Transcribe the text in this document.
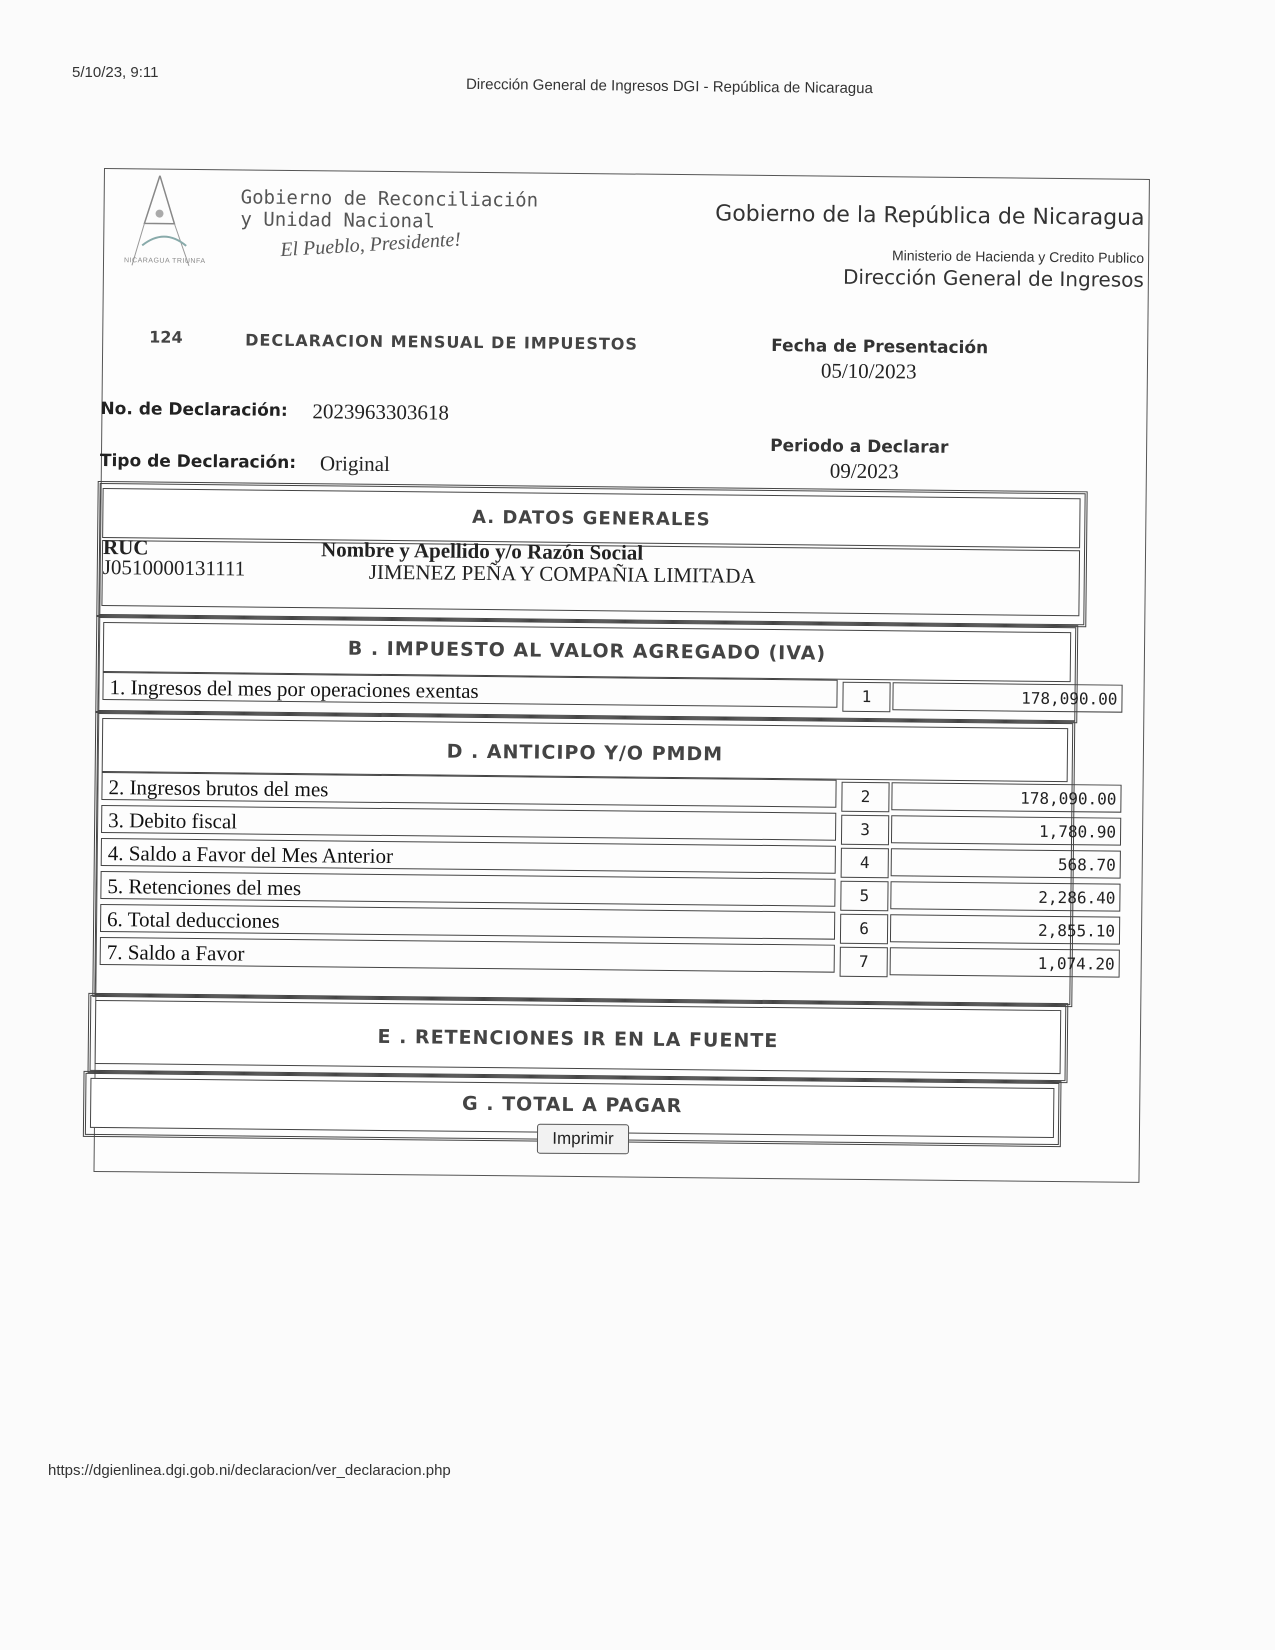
5/10/23, 9:11
Dirección General de Ingresos DGI - República de Nicaragua
https://dgienlinea.dgi.gob.ni/declaracion/ver_declaracion.php
NICARAGUA TRIUNFA
Gobierno de Reconciliación
y Unidad Nacional
El Pueblo, Presidente!
Gobierno de la República de Nicaragua
Ministerio de Hacienda y Credito Publico
Dirección General de Ingresos
124	DECLARACION MENSUAL DE IMPUESTOS	Fecha de Presentación
05/10/2023
No. de Declaración: 2023963303618
Periodo a Declarar
09/2023
Tipo de Declaración: Original
A. DATOS GENERALES
RUC
J0510000131111
Nombre y Apellido y/o Razón Social
JIMENEZ PEÑA Y COMPAÑIA LIMITADA
B . IMPUESTO AL VALOR AGREGADO (IVA)
1. Ingresos del mes por operaciones exentas	1	178,090.00
D . ANTICIPO Y/O PMDM
2. Ingresos brutos del mes	2	178,090.00
3. Debito fiscal	3	1,780.90
4. Saldo a Favor del Mes Anterior	4	568.70
5. Retenciones del mes	5	2,286.40
6. Total deducciones	6	2,855.10
7. Saldo a Favor	7	1,074.20
E . RETENCIONES IR EN LA FUENTE
G . TOTAL A PAGAR
Imprimir
